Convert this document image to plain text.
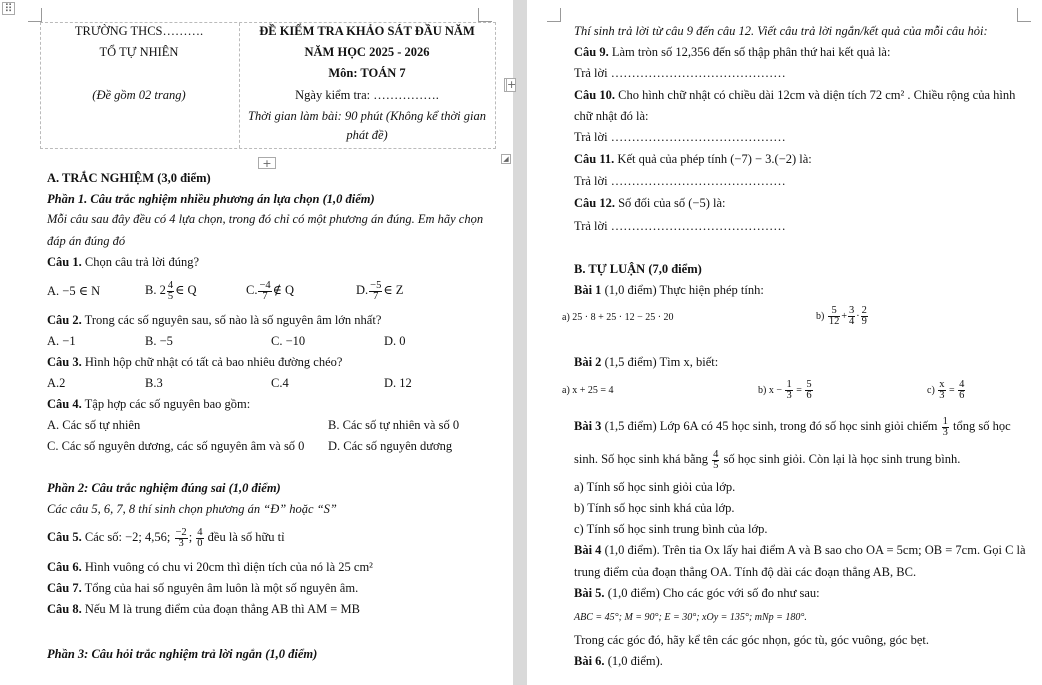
⠿
TRƯỜNG THCS……….
TỔ TỰ NHIÊN
(Đề gồm 02 trang)
ĐỀ KIỂM TRA KHẢO SÁT ĐẦU NĂM
NĂM HỌC 2025 - 2026
Môn: TOÁN 7
Ngày kiểm tra: …………….
Thời gian làm bài: 90 phút (Không kể thời gian
phát đề)
+	◢
A. TRẮC NGHIỆM (3,0 điểm)
Phần 1. Câu trắc nghiệm nhiều phương án lựa chọn (1,0 điểm)
Mỗi câu sau đây đều có 4 lựa chọn, trong đó chỉ có một phương án đúng. Em hãy chọn
đáp án đúng đó
Câu 1. Chọn câu trả lời đúng?
A. −5 ∈ N	B. $2 \frac{4}{5}$ ∈ Q	C. $\frac{-4}{7}$ ∉ Q	D. $\frac{-5}{7}$ ∈ Z
Câu 2. Trong các số nguyên sau, số nào là số nguyên âm lớn nhất?
A. −1	B. −5	C. −10	D. 0
Câu 3. Hình hộp chữ nhật có tất cả bao nhiêu đường chéo?
A.2	B.3	C.4	D. 12
Câu 4. Tập hợp các số nguyên bao gồm:
A. Các số tự nhiên	B. Các số tự nhiên và số 0
C. Các số nguyên dương, các số nguyên âm và số 0 D. Các số nguyên dương
Phần 2: Câu trắc nghiệm đúng sai (1,0 điểm)
Các câu 5, 6, 7, 8 thí sinh chọn phương án “Đ” hoặc “S”
Câu 5. Các số: −2; 4,56; $\frac{-2}{3}$ ; $\frac{4}{0}$ đều là số hữu tỉ
Câu 6. Hình vuông có chu vi 20cm thì diện tích của nó là 25 cm²
Câu 7. Tổng của hai số nguyên âm luôn là một số nguyên âm.
Câu 8. Nếu M là trung điểm của đoạn thẳng AB thì AM = MB
Phần 3: Câu hỏi trắc nghiệm trả lời ngắn (1,0 điểm)
Thí sinh trả lời từ câu 9 đến câu 12. Viết câu trả lời ngắn/kết quả của mỗi câu hỏi:
Câu 9. Làm tròn số 12,356 đến số thập phân thứ hai kết quả là:
Trả lời ……………………………………
Câu 10. Cho hình chữ nhật có chiều dài 12cm và diện tích 72 cm² . Chiều rộng của hình
chữ nhật đó là:
Trả lời ……………………………………
Câu 11. Kết quả của phép tính (−7) − 3.(−2) là:
Trả lời ……………………………………
Câu 12. Số đối của số (−5) là:
Trả lời ……………………………………
B. TỰ LUẬN (7,0 điểm)
Bài 1 (1,0 điểm) Thực hiện phép tính:
a) 25 · 8 + 25 · 12 − 25 · 20	$b) \frac{5}{12} + \frac{3}{4} \cdot \frac{2}{9}$
Bài 2 (1,5 điểm) Tìm x, biết:
a) x + 25 = 4	b) $x - \frac{1}{3} = \frac{5}{6}$	$c) \frac{x}{3} = \frac{4}{6}$
Bài 3 (1,5 điểm) Lớp 6A có 45 học sinh, trong đó số học sinh giỏi chiếm $\frac{1}{3}$ tổng số học
sinh. Số học sinh khá bằng $\frac{4}{5}$ số học sinh giỏi. Còn lại là học sinh trung bình.
a) Tính số học sinh giỏi của lớp.
b) Tính số học sinh khá của lớp.
c) Tính số học sinh trung bình của lớp.
Bài 4 (1,0 điểm). Trên tia Ox lấy hai điểm A và B sao cho OA = 5cm; OB = 7cm. Gọi C là
trung điểm của đoạn thẳng OA. Tính độ dài các đoạn thẳng AB, BC.
Bài 5. (1,0 điểm) Cho các góc với số đo như sau:
ABC = 45°; M = 90°; E = 30°; xOy = 135°; mNp = 180°.
Trong các góc đó, hãy kể tên các góc nhọn, góc tù, góc vuông, góc bẹt.
Bài 6. (1,0 điểm).
+
